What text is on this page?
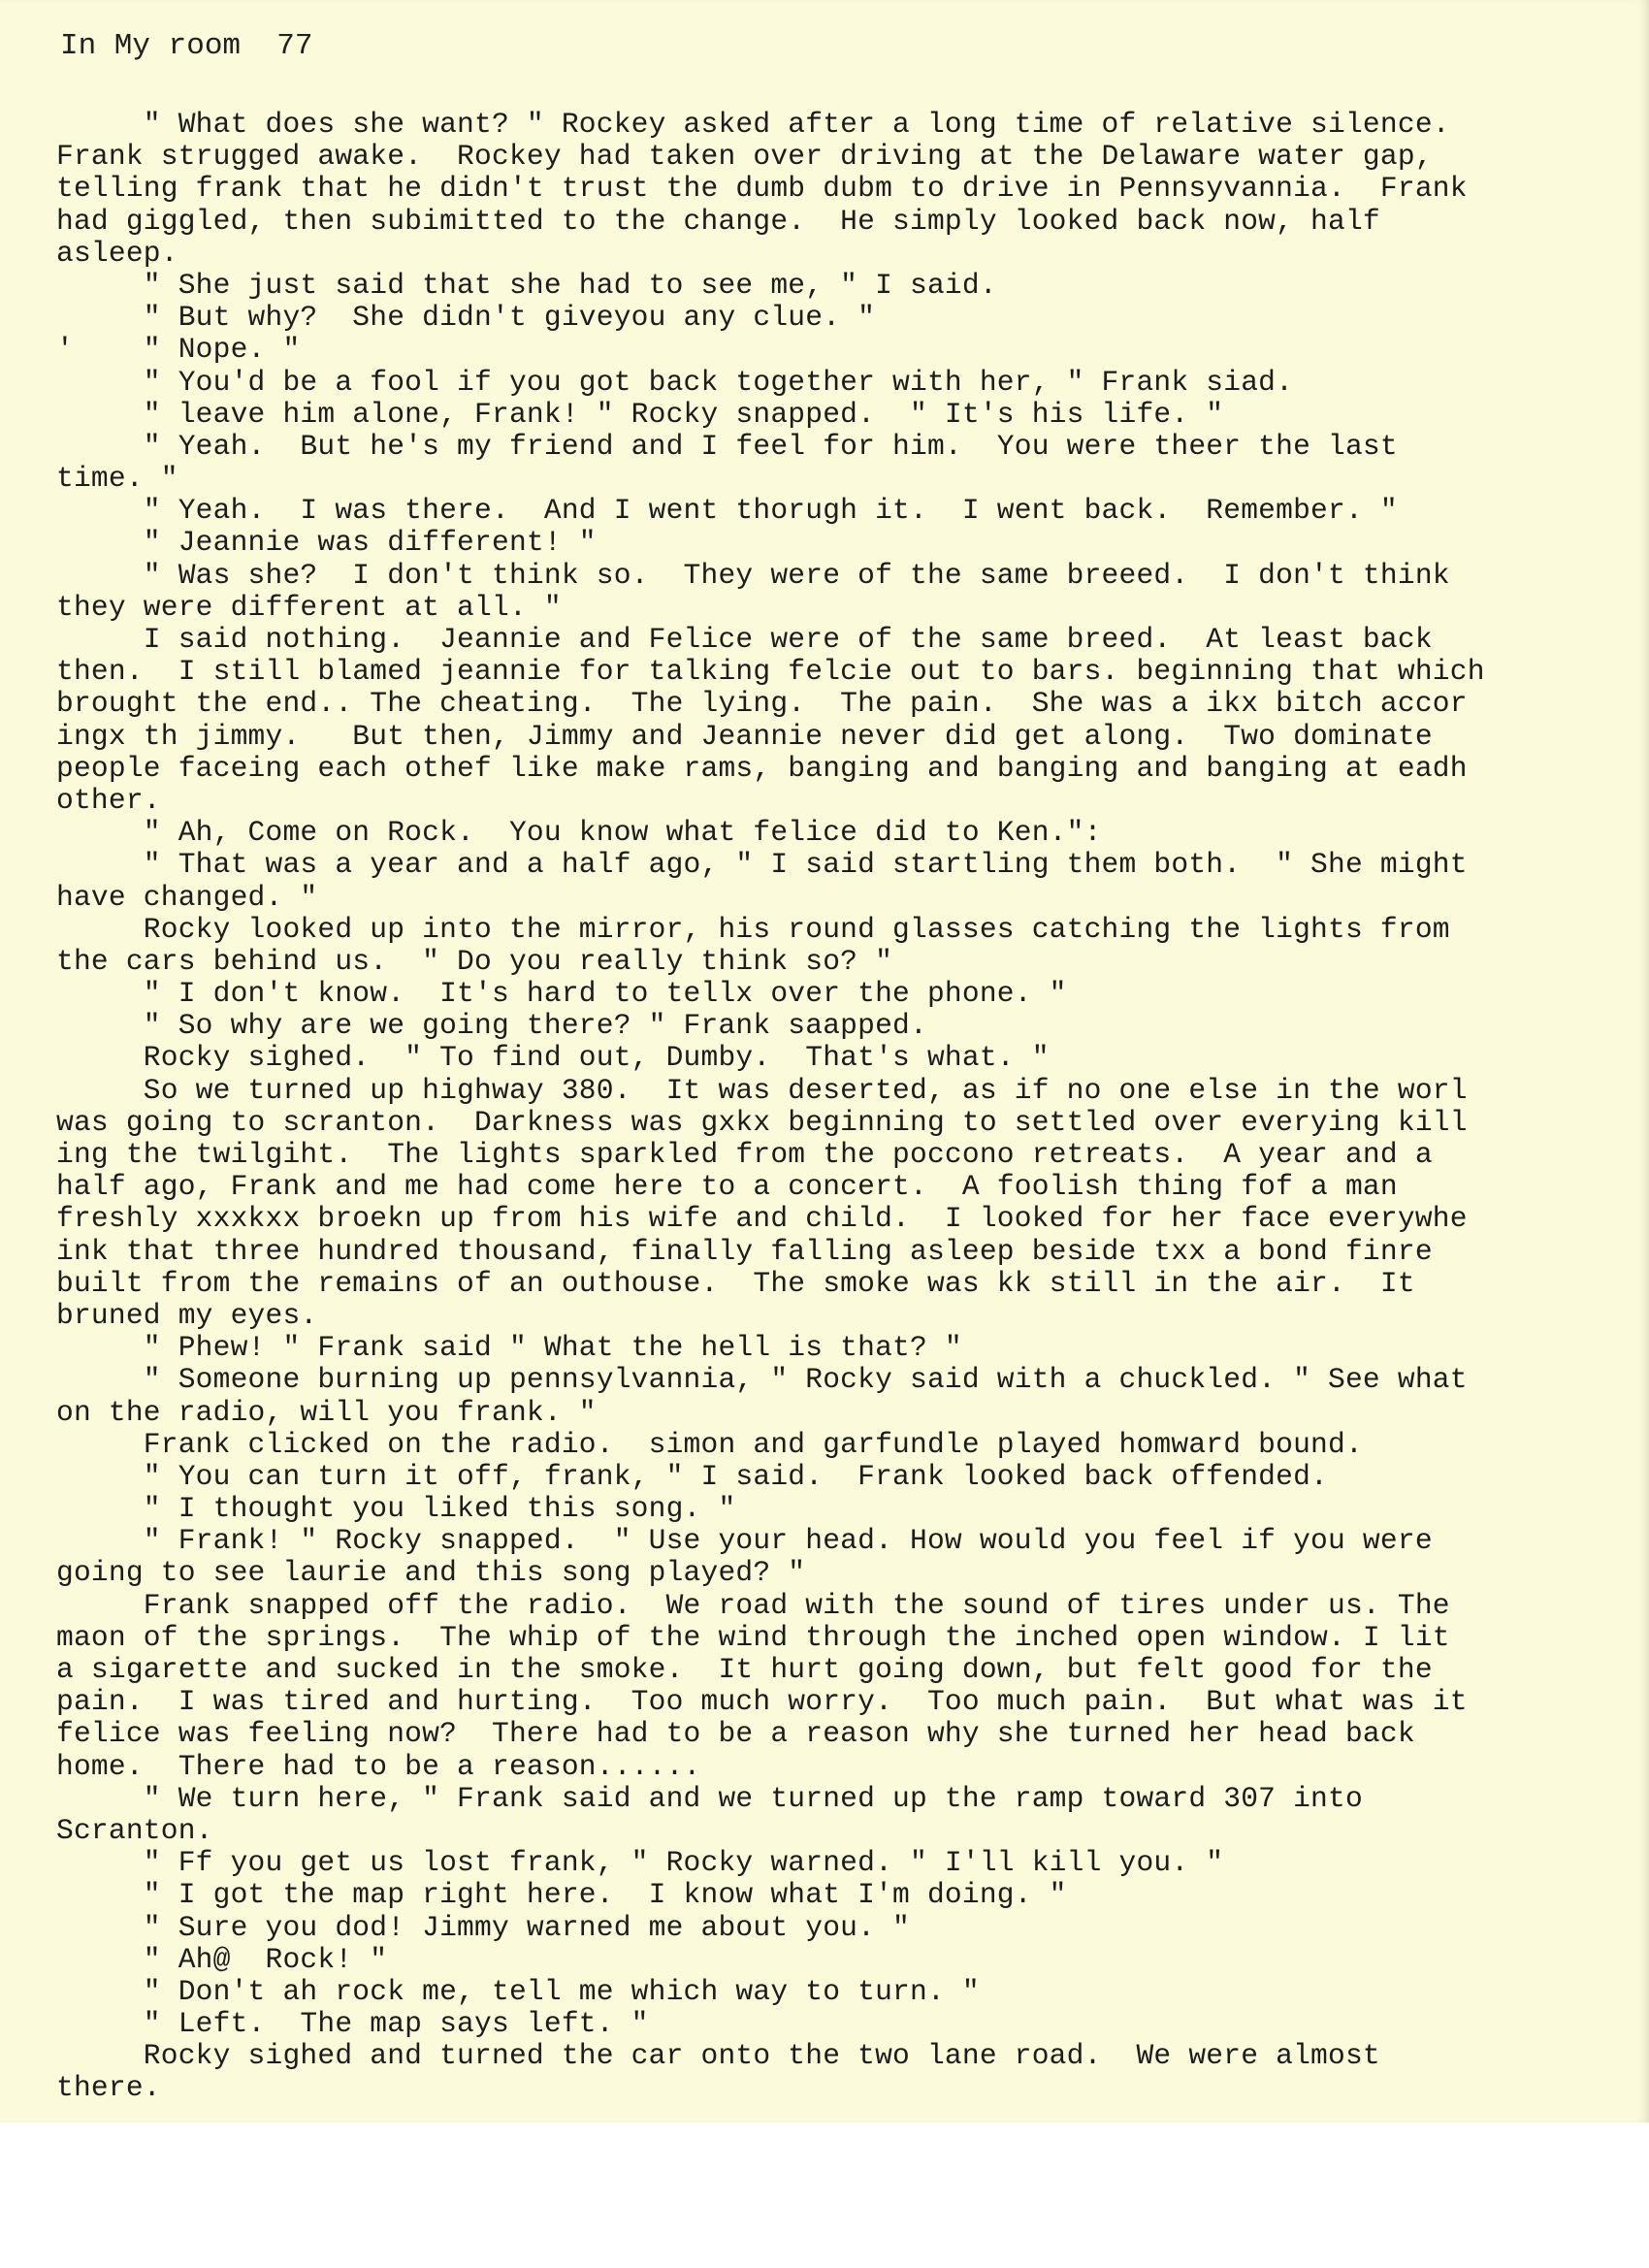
In My room 77
" What does she want? " Rockey asked after a long time of relative silence.
Frank strugged awake.  Rockey had taken over driving at the Delaware water gap,
telling frank that he didn't trust the dumb dubm to drive in Pennsyvannia.  Frank
had giggled, then subimitted to the change.  He simply looked back now, half
asleep.
" She just said that she had to see me, " I said.
" But why?  She didn't giveyou any clue. "
'    " Nope. "
" You'd be a fool if you got back together with her, " Frank siad.
" leave him alone, Frank! " Rocky snapped.  " It's his life. "
" Yeah.  But he's my friend and I feel for him.  You were theer the last
time. "
" Yeah.  I was there.  And I went thorugh it.  I went back.  Remember. "
" Jeannie was different! "
" Was she?  I don't think so.  They were of the same breeed.  I don't think
they were different at all. "
I said nothing.  Jeannie and Felice were of the same breed.  At least back
then.  I still blamed jeannie for talking felcie out to bars. beginning that which
brought the end.. The cheating.  The lying.  The pain.  She was a ikx bitch accor
ingx th jimmy.   But then, Jimmy and Jeannie never did get along.  Two dominate
people faceing each othef like make rams, banging and banging and banging at eadh
other.
" Ah, Come on Rock.  You know what felice did to Ken.":
" That was a year and a half ago, " I said startling them both.  " She might
have changed. "
Rocky looked up into the mirror, his round glasses catching the lights from
the cars behind us.  " Do you really think so? "
" I don't know.  It's hard to tellx over the phone. "
" So why are we going there? " Frank saapped.
Rocky sighed.  " To find out, Dumby.  That's what. "
So we turned up highway 380.  It was deserted, as if no one else in the worl
was going to scranton.  Darkness was gxkx beginning to settled over everying kill
ing the twilgiht.  The lights sparkled from the poccono retreats.  A year and a
half ago, Frank and me had come here to a concert.  A foolish thing fof a man
freshly xxxkxx broekn up from his wife and child.  I looked for her face everywhe
ink that three hundred thousand, finally falling asleep beside txx a bond finre
built from the remains of an outhouse.  The smoke was kk still in the air.  It
bruned my eyes.
" Phew! " Frank said " What the hell is that? "
" Someone burning up pennsylvannia, " Rocky said with a chuckled. " See what
on the radio, will you frank. "
Frank clicked on the radio.  simon and garfundle played homward bound.
" You can turn it off, frank, " I said.  Frank looked back offended.
" I thought you liked this song. "
" Frank! " Rocky snapped.  " Use your head. How would you feel if you were
going to see laurie and this song played? "
Frank snapped off the radio.  We road with the sound of tires under us. The
maon of the springs.  The whip of the wind through the inched open window. I lit
a sigarette and sucked in the smoke.  It hurt going down, but felt good for the
pain.  I was tired and hurting.  Too much worry.  Too much pain.  But what was it
felice was feeling now?  There had to be a reason why she turned her head back
home.  There had to be a reason......
" We turn here, " Frank said and we turned up the ramp toward 307 into
Scranton.
" Ff you get us lost frank, " Rocky warned. " I'll kill you. "
" I got the map right here.  I know what I'm doing. "
" Sure you dod! Jimmy warned me about you. "
" Ah@  Rock! "
" Don't ah rock me, tell me which way to turn. "
" Left.  The map says left. "
Rocky sighed and turned the car onto the two lane road.  We were almost
there.
